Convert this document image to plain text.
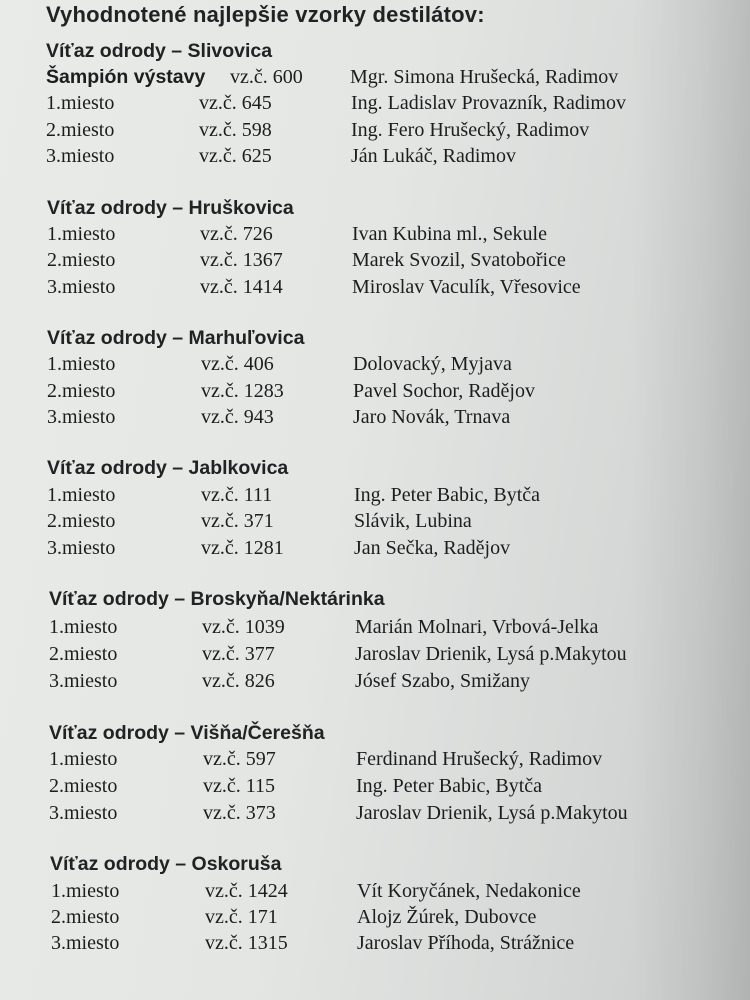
Vyhodnotené najlepšie vzorky destilátov:
Víťaz odrody – Slivovica
Šampión výstavy vz.č. 600 Mgr. Simona Hrušecká, Radimov
1.miesto	vz.č. 645	Ing. Ladislav Provazník, Radimov
2.miesto	vz.č. 598	Ing. Fero Hrušecký, Radimov
3.miesto	vz.č. 625	Ján Lukáč, Radimov
Víťaz odrody – Hruškovica
1.miesto	vz.č. 726	Ivan Kubina ml., Sekule
2.miesto	vz.č. 1367	Marek Svozil, Svatobořice
3.miesto	vz.č. 1414	Miroslav Vaculík, Vřesovice
Víťaz odrody – Marhuľovica
1.miesto	vz.č. 406	Dolovacký, Myjava
2.miesto	vz.č. 1283	Pavel Sochor, Radějov
3.miesto	vz.č. 943	Jaro Novák, Trnava
Víťaz odrody – Jablkovica
1.miesto	vz.č. 111	Ing. Peter Babic, Bytča
2.miesto	vz.č. 371	Slávik, Lubina
3.miesto	vz.č. 1281	Jan Sečka, Radějov
Víťaz odrody – Broskyňa/Nektárinka
1.miesto	vz.č. 1039	Marián Molnari, Vrbová-Jelka
2.miesto	vz.č. 377	Jaroslav Drienik, Lysá p.Makytou
3.miesto	vz.č. 826	Jósef Szabo, Smižany
Víťaz odrody – Višňa/Čerešňa
1.miesto	vz.č. 597	Ferdinand Hrušecký, Radimov
2.miesto	vz.č. 115	Ing. Peter Babic, Bytča
3.miesto	vz.č. 373	Jaroslav Drienik, Lysá p.Makytou
Víťaz odrody – Oskoruša
1.miesto	vz.č. 1424	Vít Koryčánek, Nedakonice
2.miesto	vz.č. 171	Alojz Žúrek, Dubovce
3.miesto	vz.č. 1315	Jaroslav Příhoda, Strážnice
